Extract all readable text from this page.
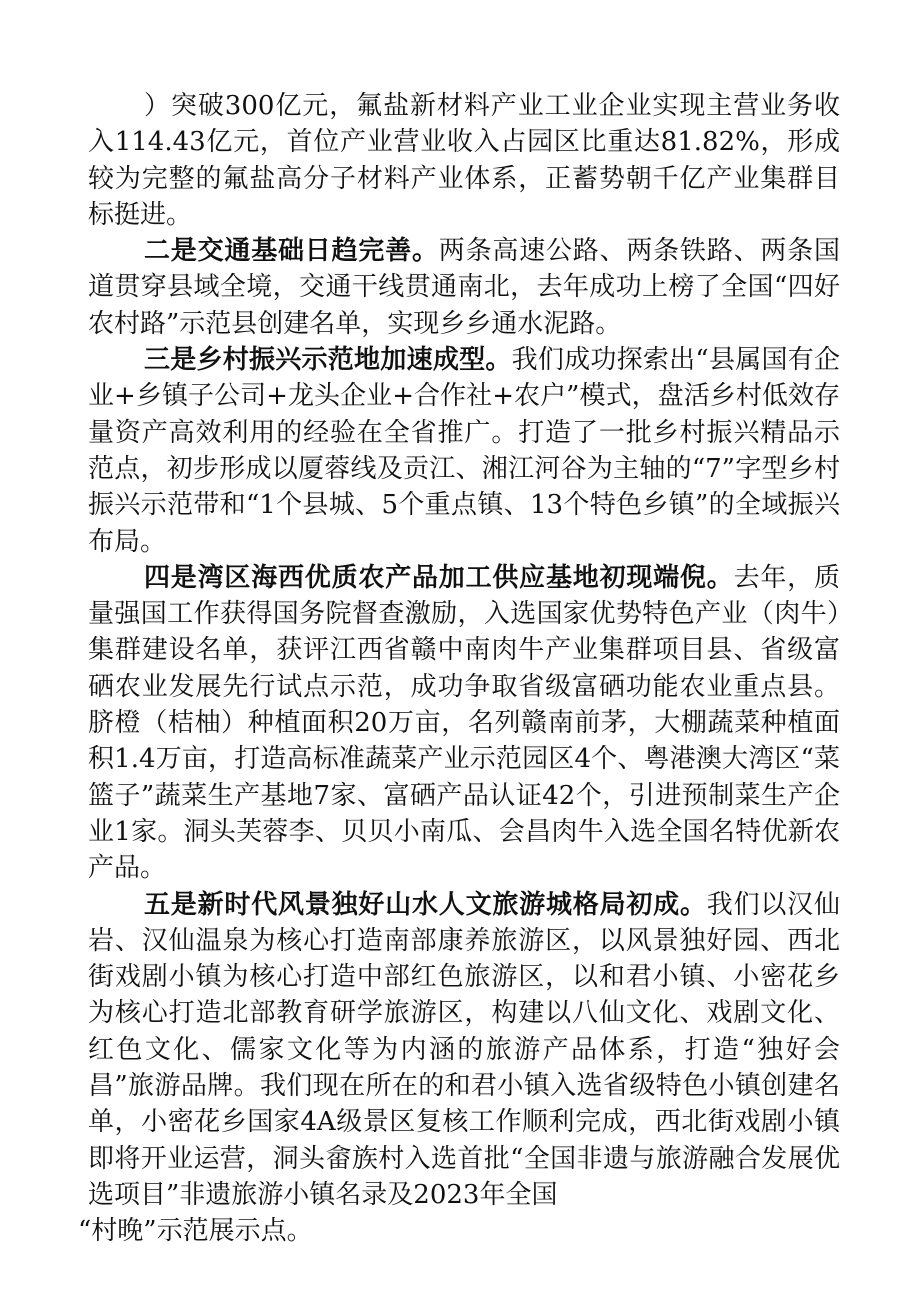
）突破300亿元，氟盐新材料产业工业企业实现主营业务收入114.43亿元，首位产业营业收入占园区比重达81.82%，形成较为完整的氟盐高分子材料产业体系，正蓄势朝千亿产业集群目标挺进。

二是交通基础日趋完善。两条高速公路、两条铁路、两条国道贯穿县域全境，交通干线贯通南北，去年成功上榜了全国“四好农村路”示范县创建名单，实现乡乡通水泥路。

三是乡村振兴示范地加速成型。我们成功探索出“县属国有企业+乡镇子公司+龙头企业+合作社+农户”模式，盘活乡村低效存量资产高效利用的经验在全省推广。打造了一批乡村振兴精品示范点，初步形成以厦蓉线及贡江、湘江河谷为主轴的“7”字型乡村振兴示范带和“1个县城、5个重点镇、13个特色乡镇”的全域振兴布局。

四是湾区海西优质农产品加工供应基地初现端倪。去年，质量强国工作获得国务院督查激励，入选国家优势特色产业（肉牛）集群建设名单，获评江西省赣中南肉牛产业集群项目县、省级富硒农业发展先行试点示范，成功争取省级富硒功能农业重点县。脐橙（桔柚）种植面积20万亩，名列赣南前茅，大棚蔬菜种植面积1.4万亩，打造高标准蔬菜产业示范园区4个、粤港澳大湾区“菜篮子”蔬菜生产基地7家、富硒产品认证42个，引进预制菜生产企业1家。洞头芙蓉李、贝贝小南瓜、会昌肉牛入选全国名特优新农产品。

五是新时代风景独好山水人文旅游城格局初成。我们以汉仙岩、汉仙温泉为核心打造南部康养旅游区，以风景独好园、西北街戏剧小镇为核心打造中部红色旅游区，以和君小镇、小密花乡为核心打造北部教育研学旅游区，构建以八仙文化、戏剧文化、红色文化、儒家文化等为内涵的旅游产品体系，打造“独好会昌”旅游品牌。我们现在所在的和君小镇入选省级特色小镇创建名单，小密花乡国家4A级景区复核工作顺利完成，西北街戏剧小镇即将开业运营，洞头畲族村入选首批“全国非遗与旅游融合发展优选项目”非遗旅游小镇名录及2023年全国

“村晚”示范展示点。
